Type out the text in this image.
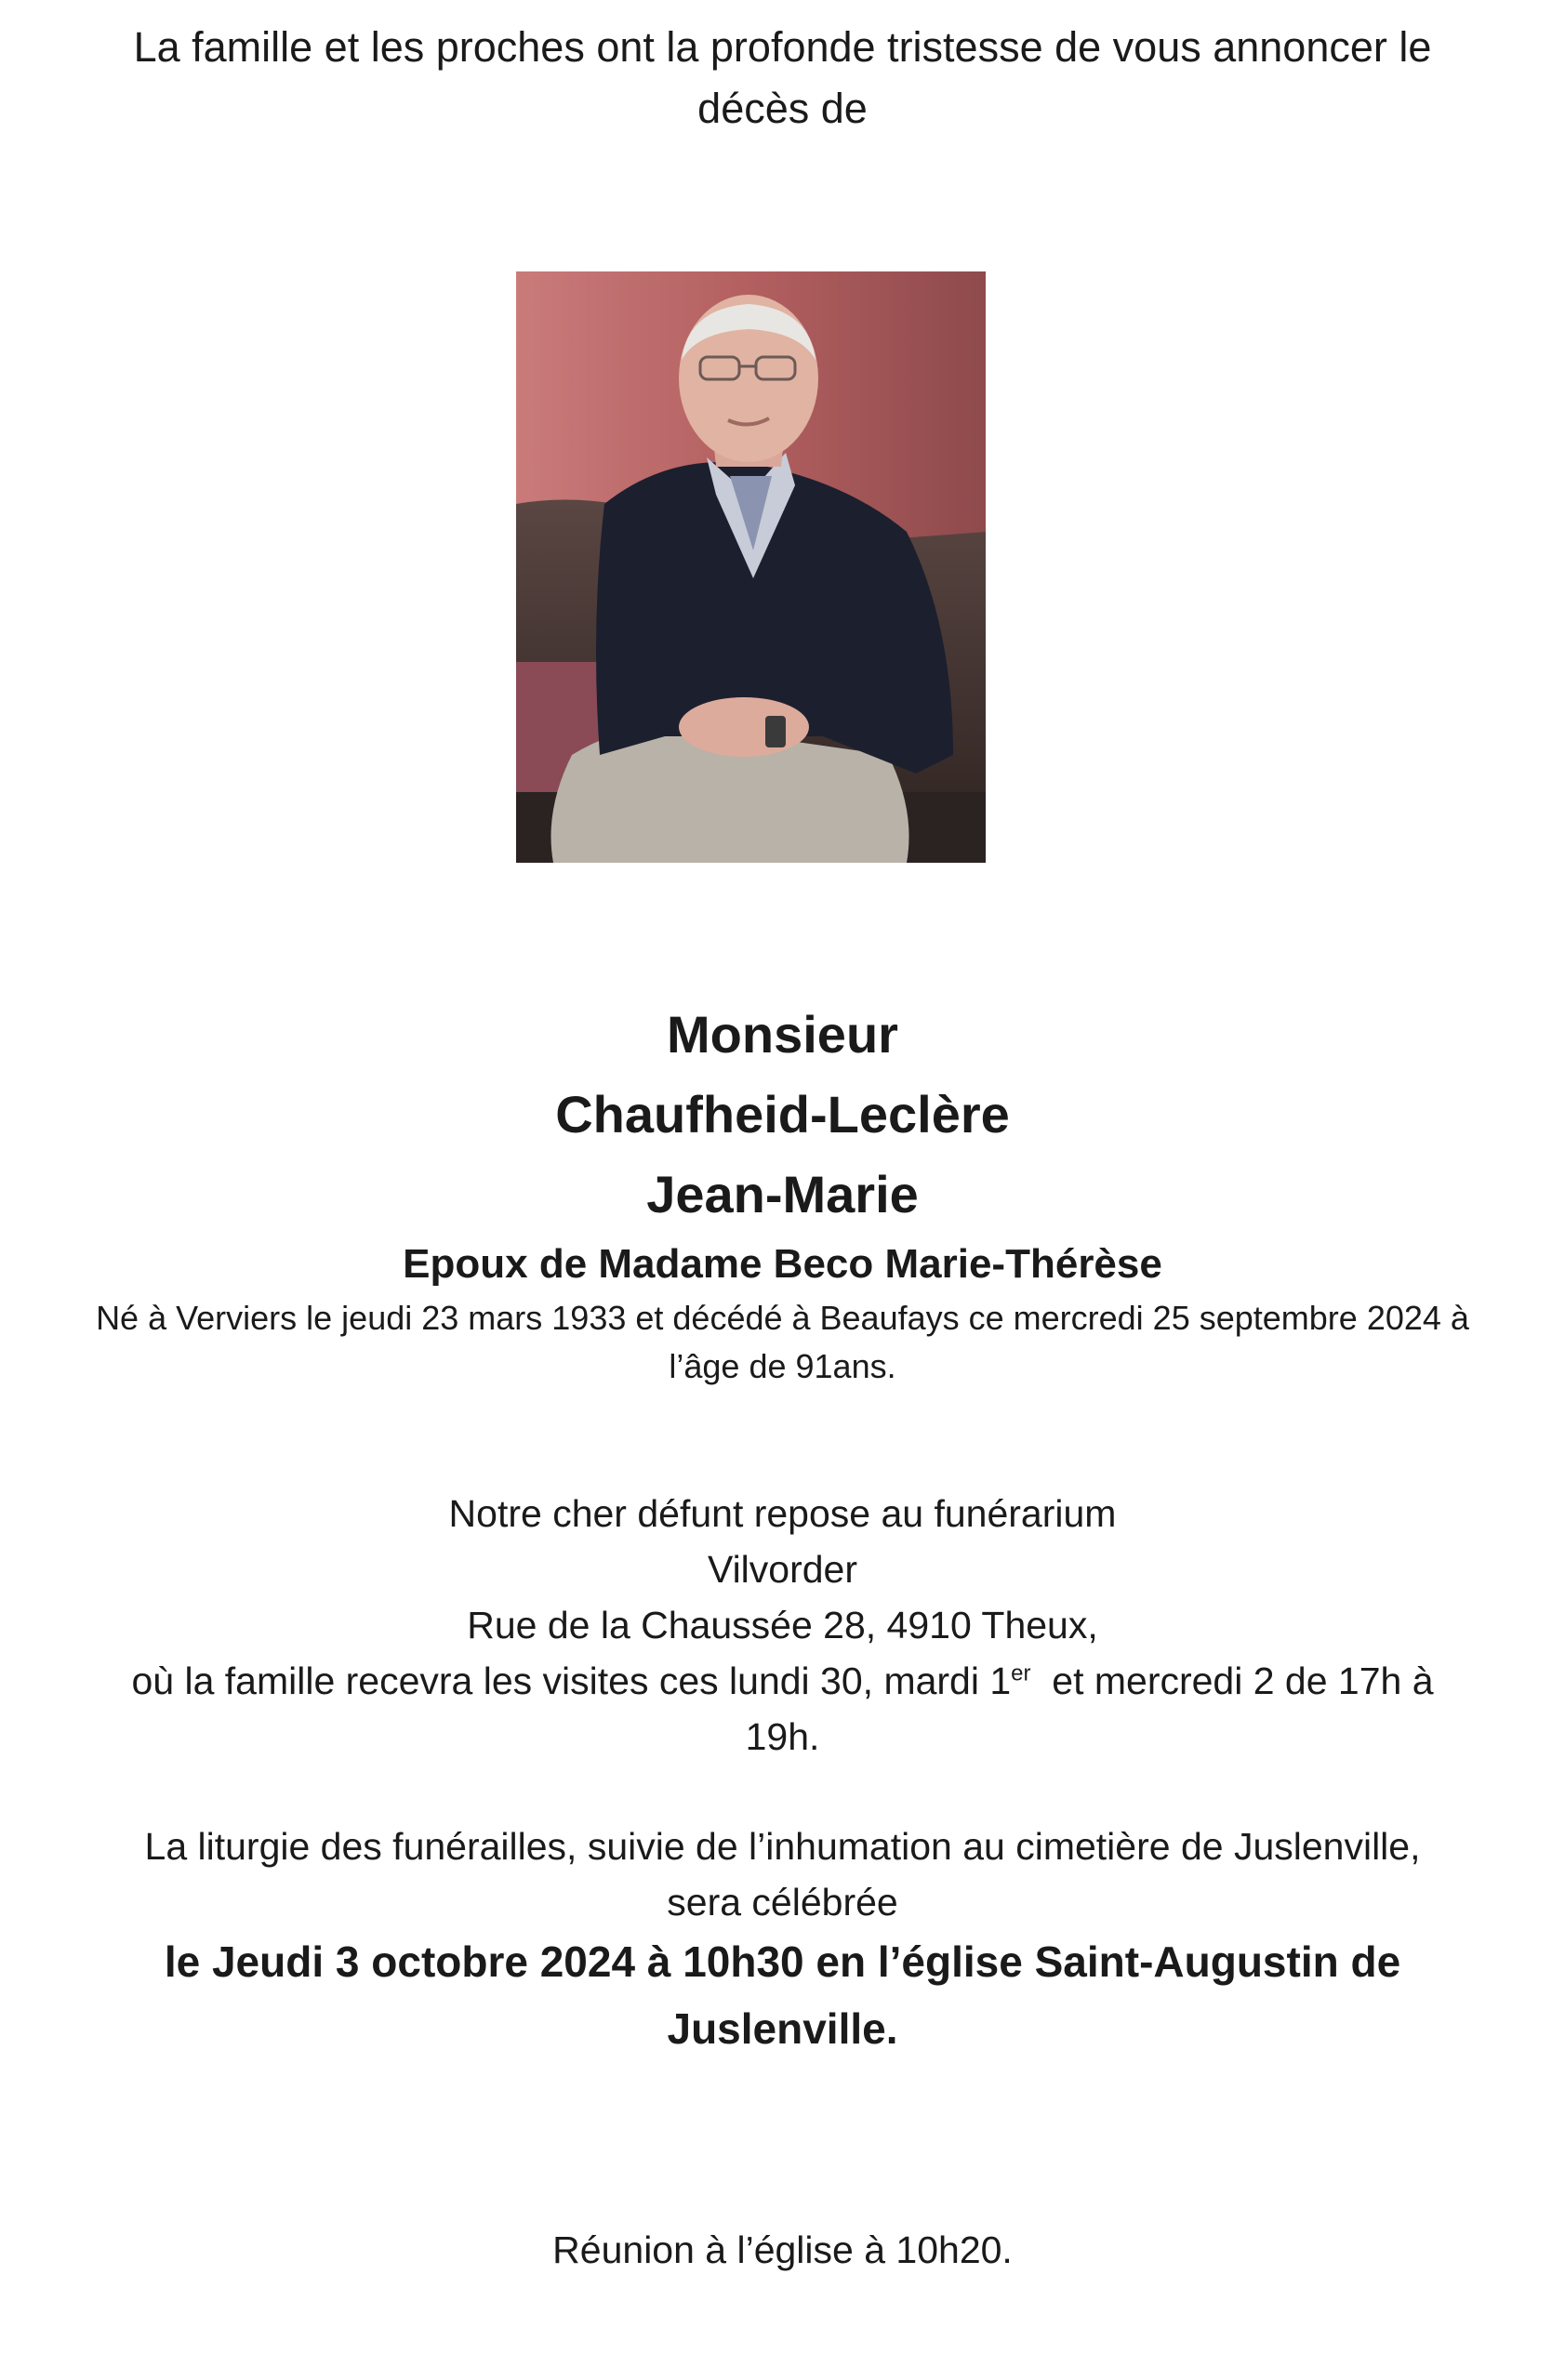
La famille et les proches ont la profonde tristesse de vous annoncer le
décès de
Monsieur
Chaufheid-Leclère
Jean-Marie
Epoux de Madame Beco Marie-Thérèse
Né à Verviers le jeudi 23 mars 1933 et décédé à Beaufays ce mercredi 25 septembre 2024 à
l’âge de 91ans.
Notre cher défunt repose au funérarium
Vilvorder
Rue de la Chaussée 28, 4910 Theux,
où la famille recevra les visites ces lundi 30, mardi 1er  et mercredi 2 de 17h à
19h.
La liturgie des funérailles, suivie de l’inhumation au cimetière de Juslenville,
sera célébrée
le Jeudi 3 octobre 2024 à 10h30 en l’église Saint-Augustin de
Juslenville.
Réunion à l’église à 10h20.
